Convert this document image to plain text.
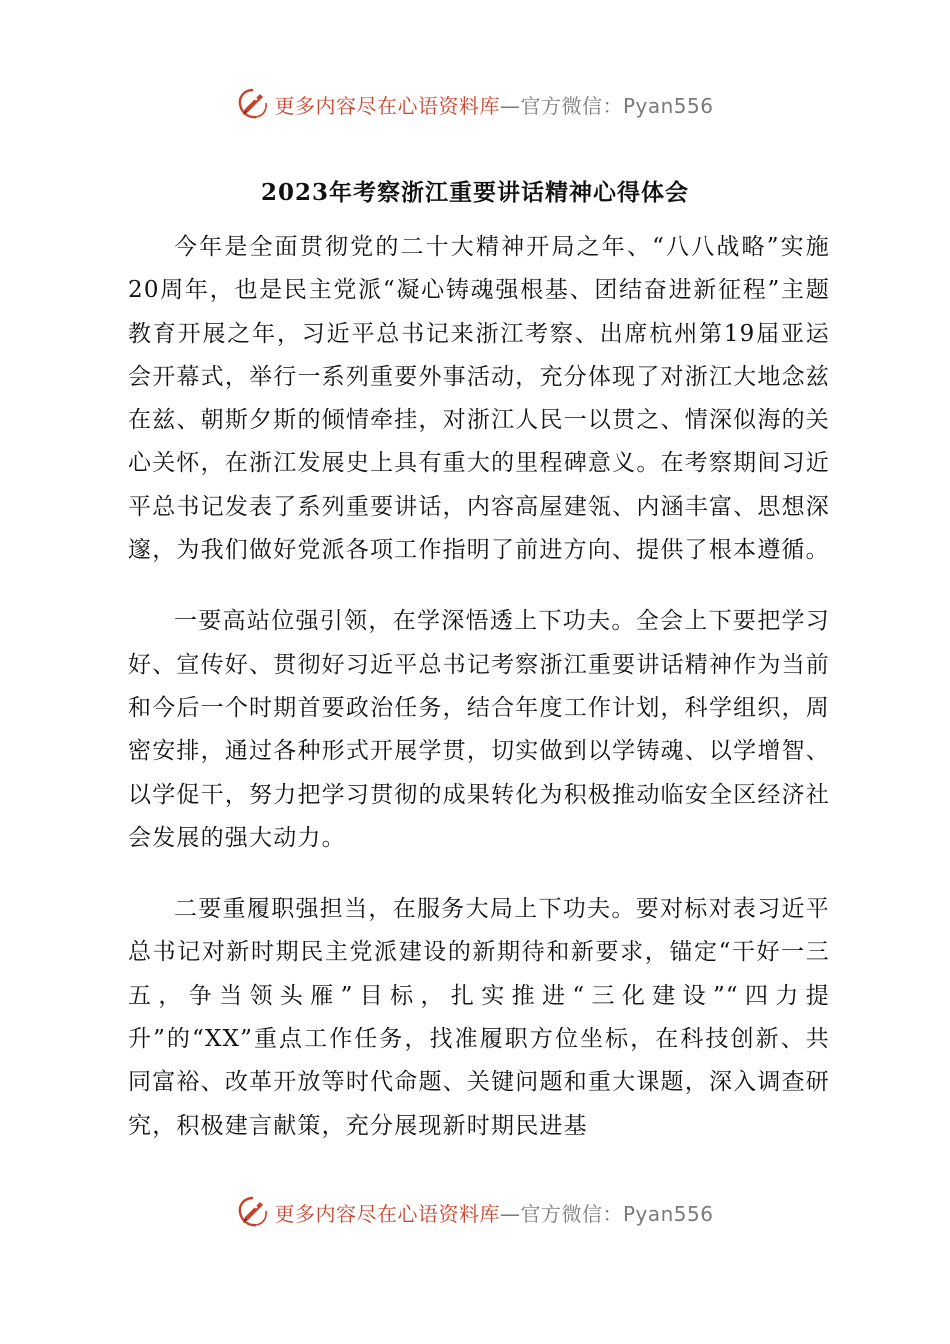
更多内容尽在心语资料库—官方微信：Pyan556
2023年考察浙江重要讲话精神心得体会

今年是全面贯彻党的二十大精神开局之年、“八八战略”实施20周年，也是民主党派“凝心铸魂强根基、团结奋进新征程”主题教育开展之年，习近平总书记来浙江考察、出席杭州第19届亚运会开幕式，举行一系列重要外事活动，充分体现了对浙江大地念兹在兹、朝斯夕斯的倾情牵挂，对浙江人民一以贯之、情深似海的关心关怀，在浙江发展史上具有重大的里程碑意义。在考察期间习近平总书记发表了系列重要讲话，内容高屋建瓴、内涵丰富、思想深邃，为我们做好党派各项工作指明了前进方向、提供了根本遵循。

一要高站位强引领，在学深悟透上下功夫。全会上下要把学习好、宣传好、贯彻好习近平总书记考察浙江重要讲话精神作为当前和今后一个时期首要政治任务，结合年度工作计划，科学组织，周密安排，通过各种形式开展学贯，切实做到以学铸魂、以学增智、以学促干，努力把学习贯彻的成果转化为积极推动临安全区经济社会发展的强大动力。

二要重履职强担当，在服务大局上下功夫。要对标对表习近平总书记对新时期民主党派建设的新期待和新要求，锚定“干好一三五，争当领头雁”目标，扎实推进“三化建设”“四力提升”的“XX”重点工作任务，找准履职方位坐标，在科技创新、共同富裕、改革开放等时代命题、关键问题和重大课题，深入调查研究，积极建言献策，充分展现新时期民进基

更多内容尽在心语资料库—官方微信：Pyan556
